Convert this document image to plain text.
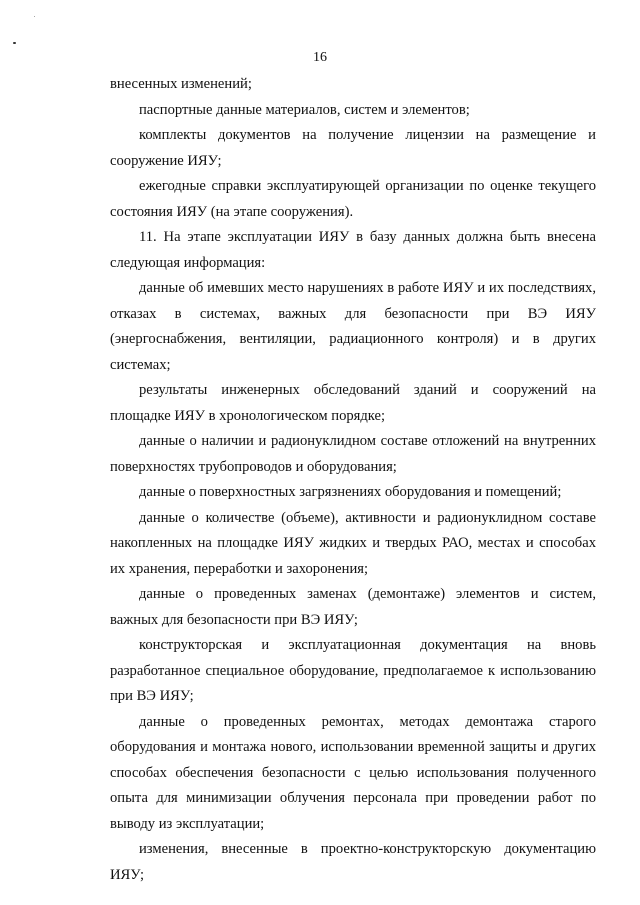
16

внесенных изменений;

паспортные данные материалов, систем и элементов;

комплекты документов на получение лицензии на размещение и сооружение ИЯУ;

ежегодные справки эксплуатирующей организации по оценке текущего состояния ИЯУ (на этапе сооружения).

11. На этапе эксплуатации ИЯУ в базу данных должна быть внесена следующая информация:

данные об имевших место нарушениях в работе ИЯУ и их последствиях, отказах в системах, важных для безопасности при ВЭ ИЯУ (энергоснабжения, вентиляции, радиационного контроля) и в других системах;

результаты инженерных обследований зданий и сооружений на площадке ИЯУ в хронологическом порядке;

данные о наличии и радионуклидном составе отложений на внутренних поверхностях трубопроводов и оборудования;

данные о поверхностных загрязнениях оборудования и помещений;

данные о количестве (объеме), активности и радионуклидном составе накопленных на площадке ИЯУ жидких и твердых РАО, местах и способах их хранения, переработки и захоронения;

данные о проведенных заменах (демонтаже) элементов и систем, важных для безопасности при ВЭ ИЯУ;

конструкторская и эксплуатационная документация на вновь разработанное специальное оборудование, предполагаемое к использованию при ВЭ ИЯУ;

данные о проведенных ремонтах, методах демонтажа старого оборудования и монтажа нового, использовании временной защиты и других способах обеспечения безопасности с целью использования полученного опыта для минимизации облучения персонала при проведении работ по выводу из эксплуатации;

изменения, внесенные в проектно-конструкторскую документацию ИЯУ;
